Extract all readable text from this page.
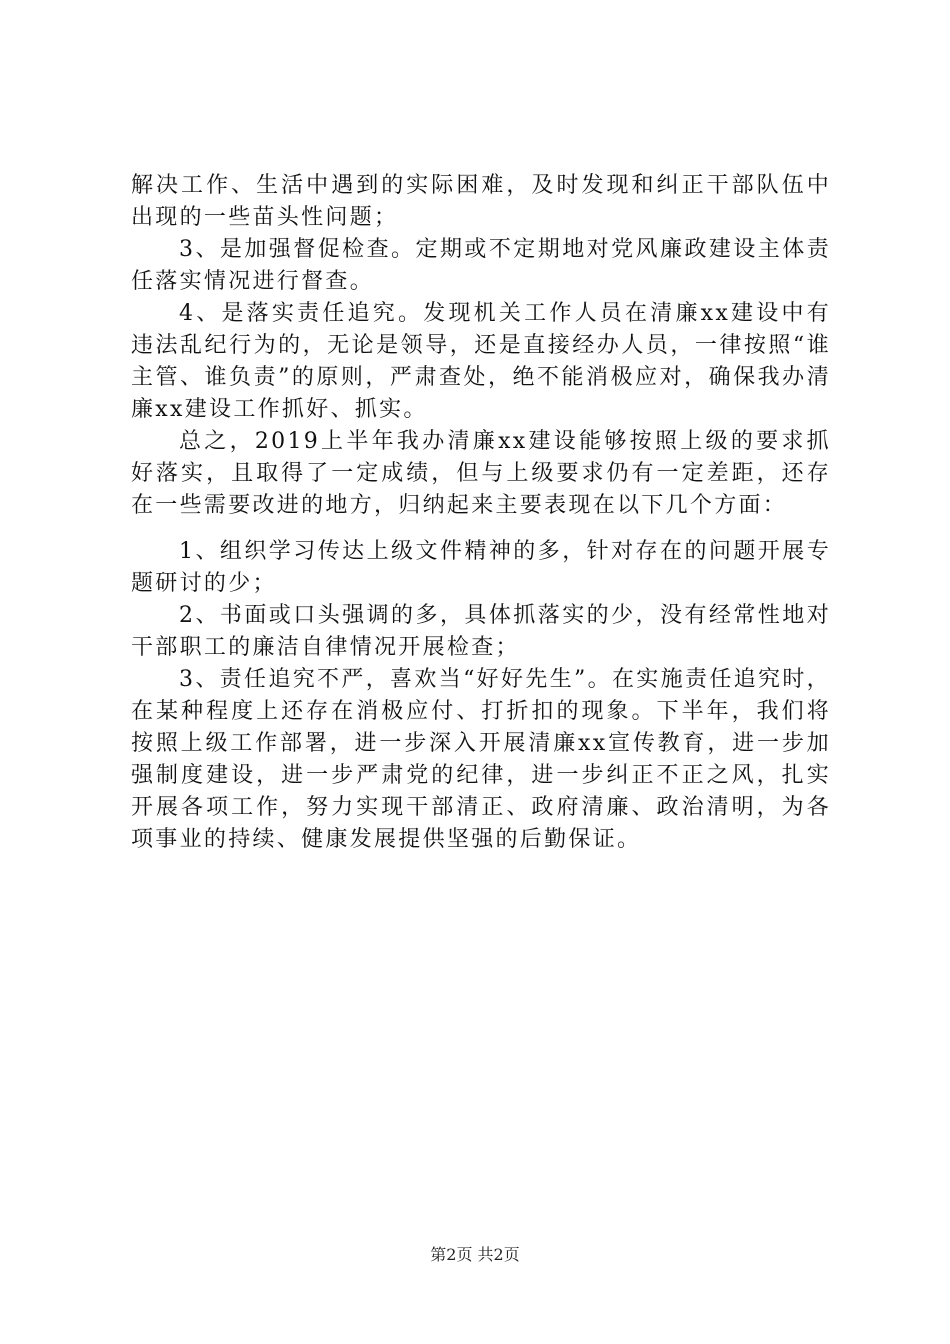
解决工作、生活中遇到的实际困难，及时发现和纠正干部队伍中出现的一些苗头性问题；

3、是加强督促检查。定期或不定期地对党风廉政建设主体责任落实情况进行督查。

4、是落实责任追究。发现机关工作人员在清廉xx建设中有违法乱纪行为的，无论是领导，还是直接经办人员，一律按照“谁主管、谁负责”的原则，严肃查处，绝不能消极应对，确保我办清廉xx建设工作抓好、抓实。

总之，2019上半年我办清廉xx建设能够按照上级的要求抓好落实，且取得了一定成绩，但与上级要求仍有一定差距，还存在一些需要改进的地方，归纳起来主要表现在以下几个方面：

1、组织学习传达上级文件精神的多，针对存在的问题开展专题研讨的少；

2、书面或口头强调的多，具体抓落实的少，没有经常性地对干部职工的廉洁自律情况开展检查；

3、责任追究不严，喜欢当“好好先生”。在实施责任追究时，在某种程度上还存在消极应付、打折扣的现象。下半年，我们将按照上级工作部署，进一步深入开展清廉xx宣传教育，进一步加强制度建设，进一步严肃党的纪律，进一步纠正不正之风，扎实开展各项工作，努力实现干部清正、政府清廉、政治清明，为各项事业的持续、健康发展提供坚强的后勤保证。

第2页 共2页
